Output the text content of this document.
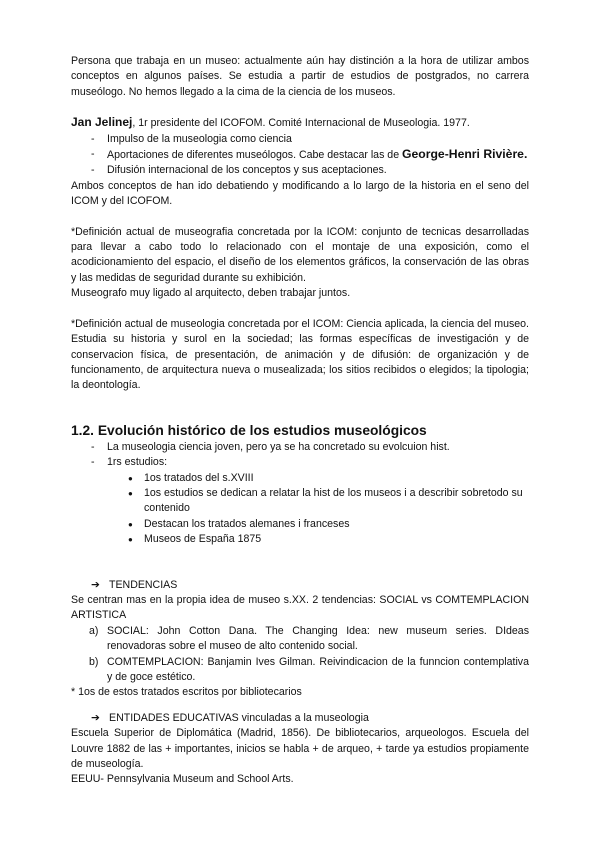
Persona que trabaja en un museo: actualmente aún hay distinción a la hora de utilizar ambos conceptos en algunos países. Se estudia a partir de estudios de postgrados, no carrera museólogo. No hemos llegado a la cima de la ciencia de los museos.

Jan Jelinej, 1r presidente del ICOFOM. Comité Internacional de Museologia. 1977.

- Impulso de la museologia como ciencia
- Aportaciones de diferentes museólogos. Cabe destacar las de George-Henri Rivière.
- Difusión internacional de los conceptos y sus aceptaciones.

Ambos conceptos de han ido debatiendo y modificando a lo largo de la historia en el seno del ICOM y del ICOFOM.

*Definición actual de museografia concretada por la ICOM: conjunto de tecnicas desarrolladas para llevar a cabo todo lo relacionado con el montaje de una exposición, como el acodicionamiento del espacio, el diseño de los elementos gráficos, la conservación de las obras y las medidas de seguridad durante su exhibición.

Museografo muy ligado al arquitecto, deben trabajar juntos.

*Definición actual de museologia concretada por el ICOM: Ciencia aplicada, la ciencia del museo. Estudia su historia y surol en la sociedad; las formas específicas de investigación y de conservacion física, de presentación, de animación y de difusión: de organización y de funcionamento, de arquitectura nueva o musealizada; los sitios recibidos o elegidos; la tipologia; la deontología.

1.2. Evolución histórico de los estudios museológicos

- La museologia ciencia joven, pero ya se ha concretado su evolcuion hist.
- 1rs estudios:
● 1os tratados del s.XVIII
● 1os estudios se dedican a relatar la hist de los museos i a describir sobretodo su contenido
● Destacan los tratados alemanes i franceses
● Museos de España 1875

➔ TENDENCIAS

Se centran mas en la propia idea de museo s.XX. 2 tendencias: SOCIAL vs COMTEMPLACION ARTISTICA

a) SOCIAL: John Cotton Dana. The Changing Idea: new museum series. DIdeas renovadoras sobre el museo de alto contenido social.
b) COMTEMPLACION: Banjamin Ives Gilman. Reivindicacion de la funncion contemplativa y de goce estético.

* 1os de estos tratados escritos por bibliotecarios

➔ ENTIDADES EDUCATIVAS vinculadas a la museologia

Escuela Superior de Diplomática (Madrid, 1856). De bibliotecarios, arqueologos. Escuela del Louvre 1882 de las + importantes, inicios se habla + de arqueo, + tarde ya estudios propiamente de museología.

EEUU- Pennsylvania Museum and School Arts.
